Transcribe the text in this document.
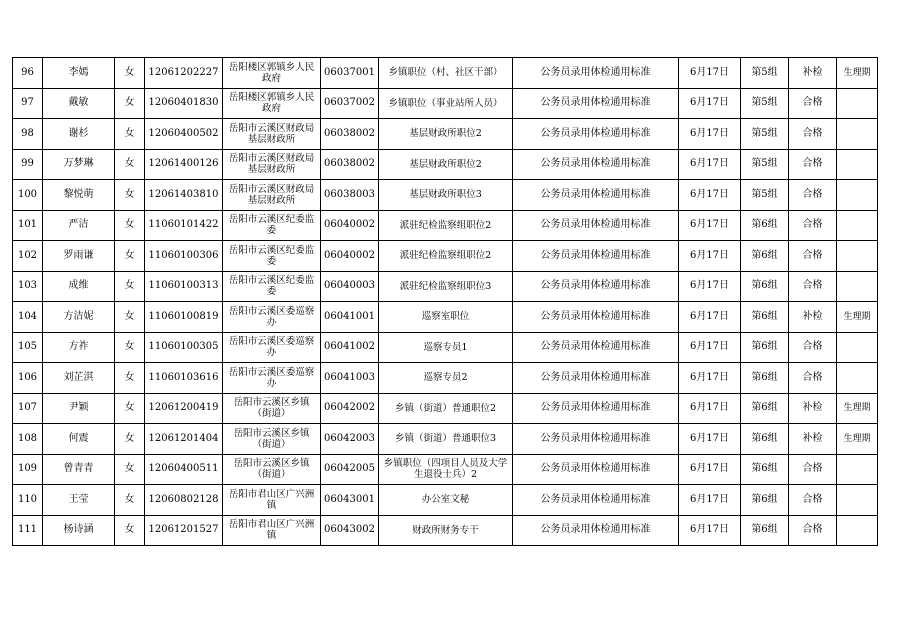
96	李嫣	女	12061202227	岳阳楼区郭镇乡人民政府	06037001	乡镇职位（村、社区干部）	公务员录用体检通用标准	6月17日	第5组	补检	生理期
97	戴敏	女	12060401830	岳阳楼区郭镇乡人民政府	06037002	乡镇职位（事业站所人员）	公务员录用体检通用标准	6月17日	第5组	合格	
98	谢杉	女	12060400502	岳阳市云溪区财政局基层财政所	06038002	基层财政所职位2	公务员录用体检通用标准	6月17日	第5组	合格	
99	万梦琳	女	12061400126	岳阳市云溪区财政局基层财政所	06038002	基层财政所职位2	公务员录用体检通用标准	6月17日	第5组	合格	
100	黎悦萌	女	12061403810	岳阳市云溪区财政局基层财政所	06038003	基层财政所职位3	公务员录用体检通用标准	6月17日	第5组	合格	
101	严洁	女	11060101422	岳阳市云溪区纪委监委	06040002	派驻纪检监察组职位2	公务员录用体检通用标准	6月17日	第6组	合格	
102	罗雨谦	女	11060100306	岳阳市云溪区纪委监委	06040002	派驻纪检监察组职位2	公务员录用体检通用标准	6月17日	第6组	合格	
103	成维	女	11060100313	岳阳市云溪区纪委监委	06040003	派驻纪检监察组职位3	公务员录用体检通用标准	6月17日	第6组	合格	
104	方洁妮	女	11060100819	岳阳市云溪区委巡察办	06041001	巡察室职位	公务员录用体检通用标准	6月17日	第6组	补检	生理期
105	方祚	女	11060100305	岳阳市云溪区委巡察办	06041002	巡察专员1	公务员录用体检通用标准	6月17日	第6组	合格	
106	刘芷淇	女	11060103616	岳阳市云溪区委巡察办	06041003	巡察专员2	公务员录用体检通用标准	6月17日	第6组	合格	
107	尹颖	女	12061200419	岳阳市云溪区乡镇（街道）	06042002	乡镇（街道）普通职位2	公务员录用体检通用标准	6月17日	第6组	补检	生理期
108	何震	女	12061201404	岳阳市云溪区乡镇（街道）	06042003	乡镇（街道）普通职位3	公务员录用体检通用标准	6月17日	第6组	补检	生理期
109	曾青青	女	12060400511	岳阳市云溪区乡镇（街道）	06042005	乡镇职位（四项目人员及大学生退役士兵）2	公务员录用体检通用标准	6月17日	第6组	合格	
110	王莹	女	12060802128	岳阳市君山区广兴洲镇	06043001	办公室文秘	公务员录用体检通用标准	6月17日	第6组	合格	
111	杨诗涵	女	12061201527	岳阳市君山区广兴洲镇	06043002	财政所财务专干	公务员录用体检通用标准	6月17日	第6组	合格	
